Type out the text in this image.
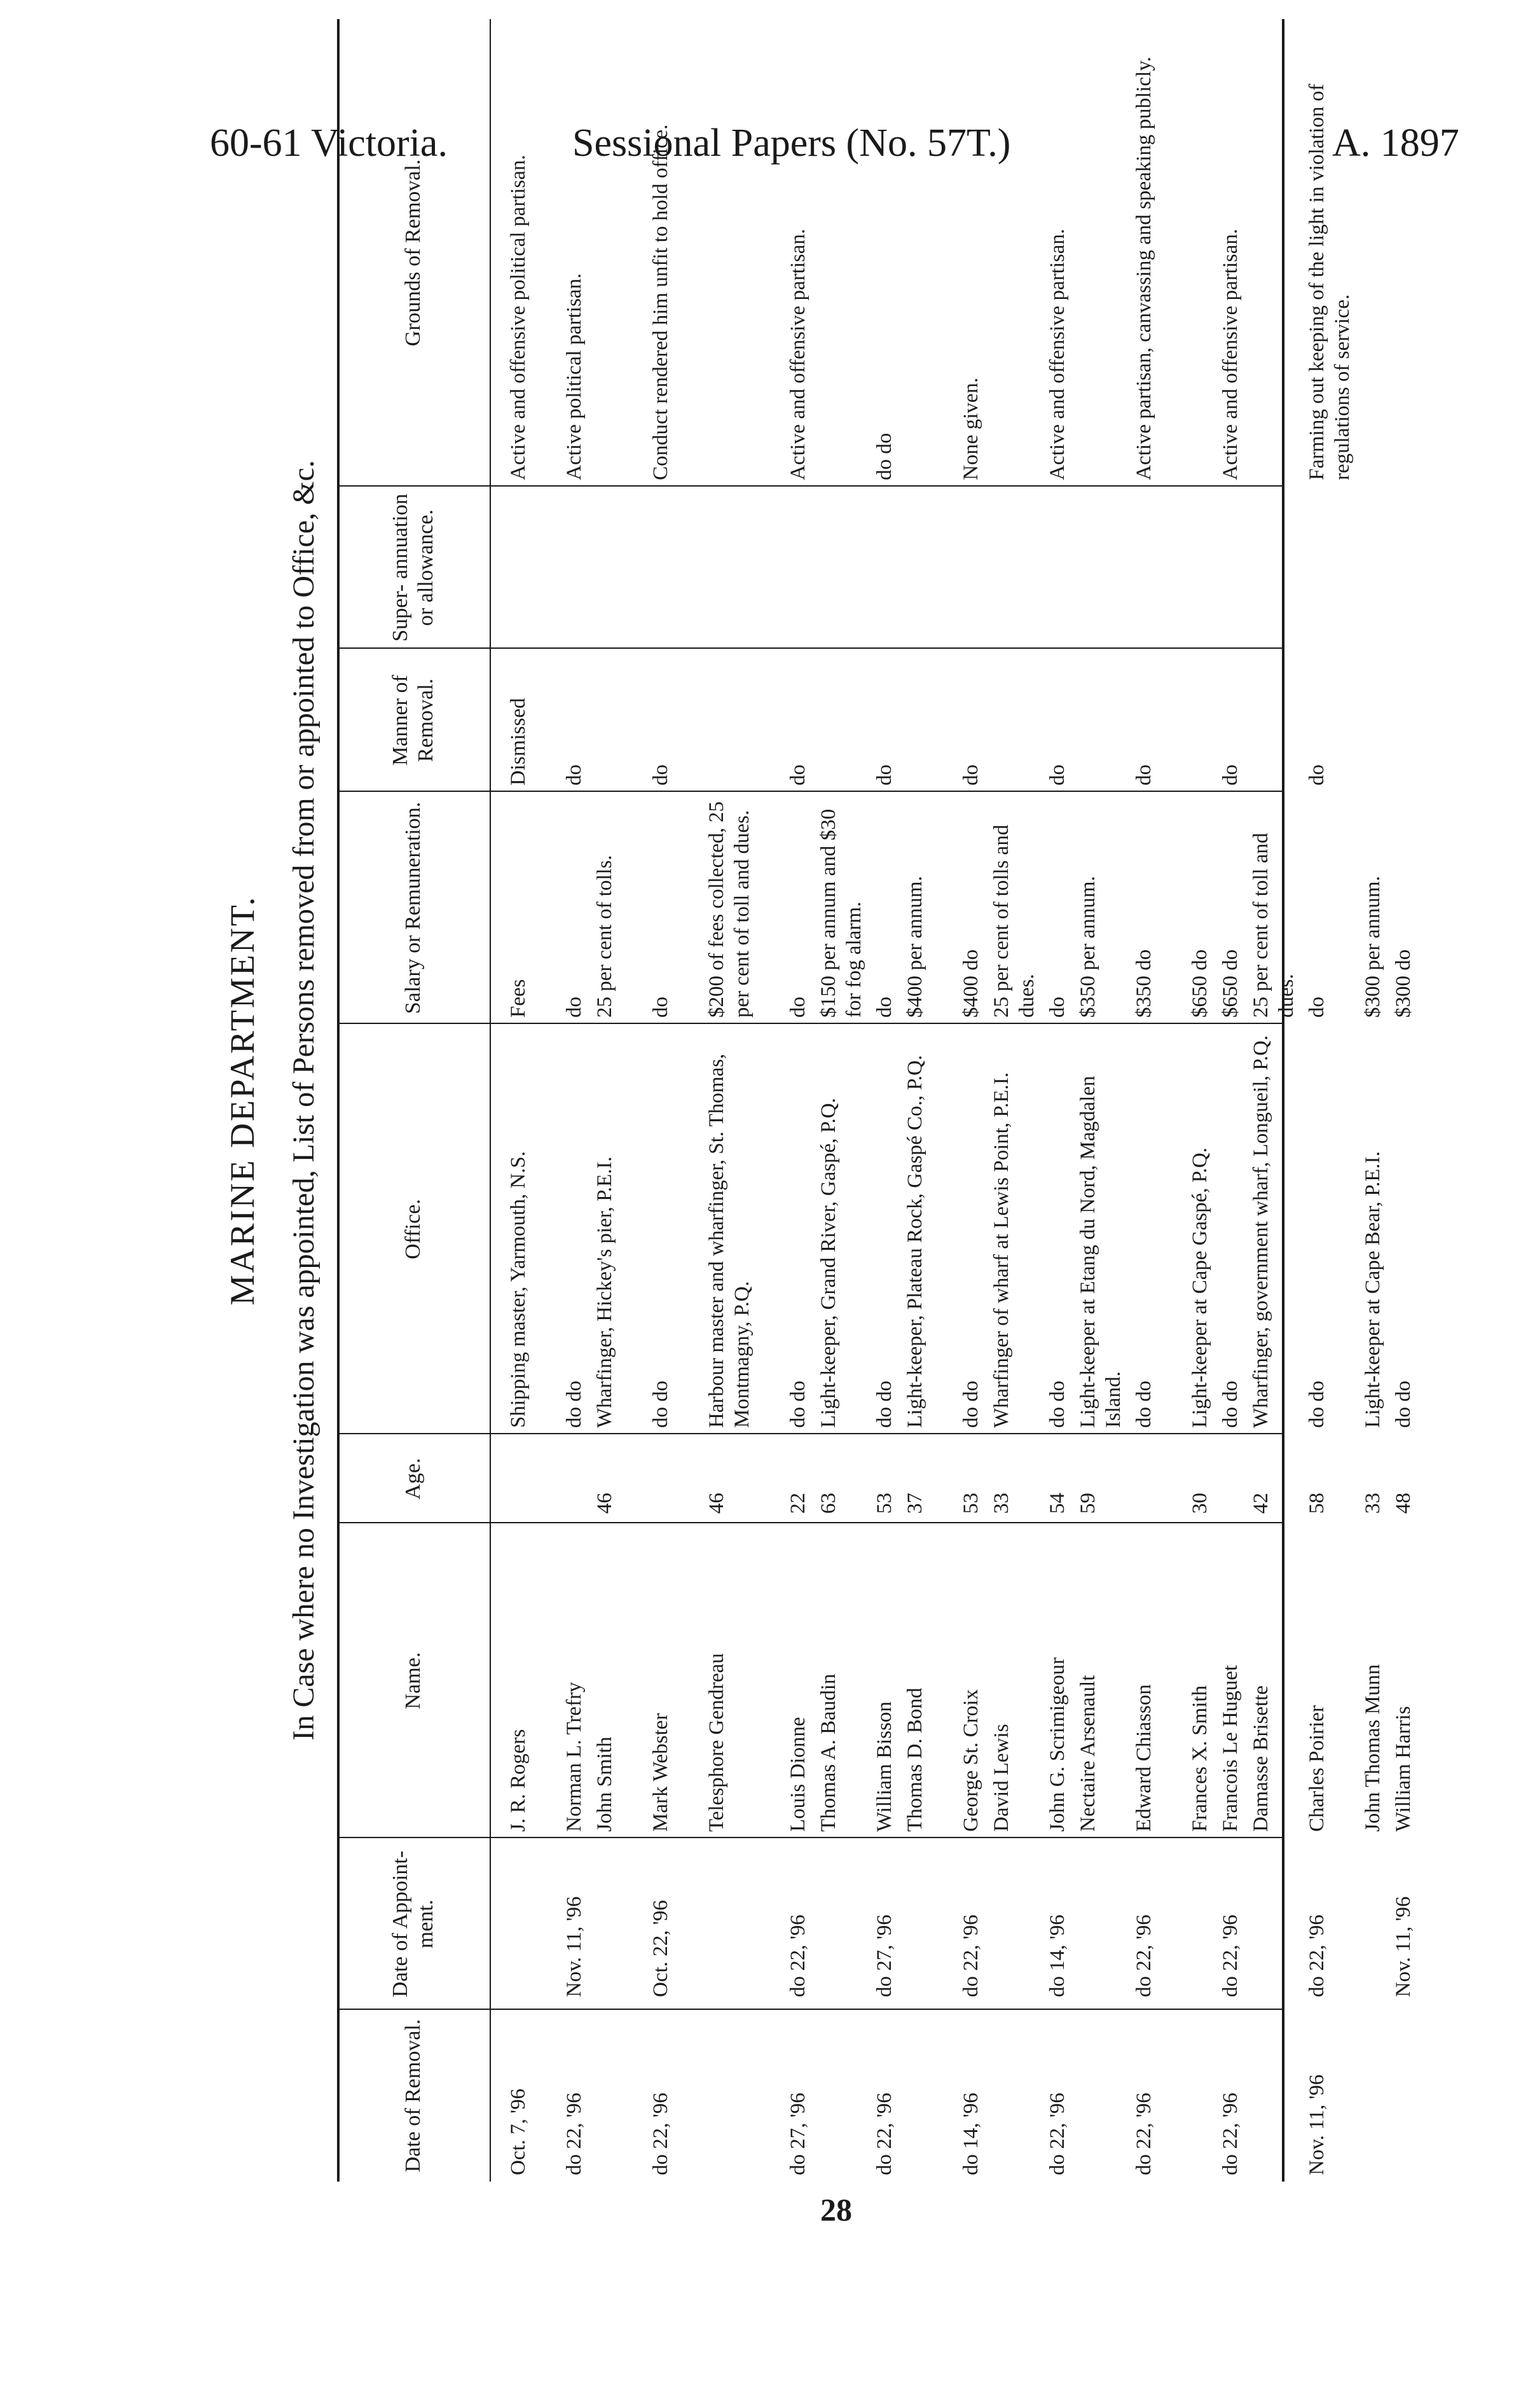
60-61 Victoria.	Sessional Papers (No. 57T.)	A. 1897
MARINE DEPARTMENT. In Case where no Investigation was appointed, List of Persons removed from or appointed to Office, &c.
Date of Removal.
Date of Appoint- ment.
Name.
Age.
Office.
Salary or Remuneration.
Manner of Removal.
Super- annuation or allowance.
Grounds of Removal.
Oct. 7, '96
J. R. Rogers
Shipping master, Yarmouth, N.S.
Fees
Dismissed
Active and offensive political partisan.
do 22, '96
Nov. 11, '96
Norman L. Trefry
do do
do
do
Active political partisan.
John Smith
46
Wharfinger, Hickey's pier, P.E.I.
25 per cent of tolls.
do 22, '96
Oct. 22, '96
Mark Webster
do do
do
do
Conduct rendered him unfit to hold office.
Telesphore Gendreau
46
Harbour master and wharfinger, St. Thomas, Montmagny, P.Q.
$200 of fees collected, 25 per cent of toll and dues.
do 27, '96
do 22, '96
Louis Dionne
22
do do
do
do
Active and offensive partisan.
Thomas A. Baudin
63
Light-keeper, Grand River, Gaspé, P.Q.
$150 per annum and $30 for fog alarm.
do 22, '96
do 27, '96
William Bisson
53
do do
do
do
do do
Thomas D. Bond
37
Light-keeper, Plateau Rock, Gaspé Co., P.Q.
$400 per annum.
do 14, '96
do 22, '96
George St. Croix
53
do do
$400 do
do
None given.
David Lewis
33
Wharfinger of wharf at Lewis Point, P.E.I.
25 per cent of tolls and dues.
do 22, '96
do 14, '96
John G. Scrimigeour
54
do do
do
do
Active and offensive partisan.
Nectaire Arsenault
59
Light-keeper at Etang du Nord, Magdalen Island.
$350 per annum.
do 22, '96
do 22, '96
Edward Chiasson
do do
$350 do
do
Active partisan, canvassing and speaking publicly.
Frances X. Smith
30
Light-keeper at Cape Gaspé, P.Q.
$650 do
do 22, '96
do 22, '96
Francois Le Huguet
do do
$650 do
do
Active and offensive partisan.
Damasse Brisette
42
Wharfinger, government wharf, Longueil, P.Q.
25 per cent of toll and dues.
Nov. 11, '96
do 22, '96
Charles Poirier
58
do do
do
do
Farming out keeping of the light in violation of regulations of service.
John Thomas Munn
33
Light-keeper at Cape Bear, P.E.I.
$300 per annum.
Nov. 11, '96
William Harris
48
do do
$300 do
28
